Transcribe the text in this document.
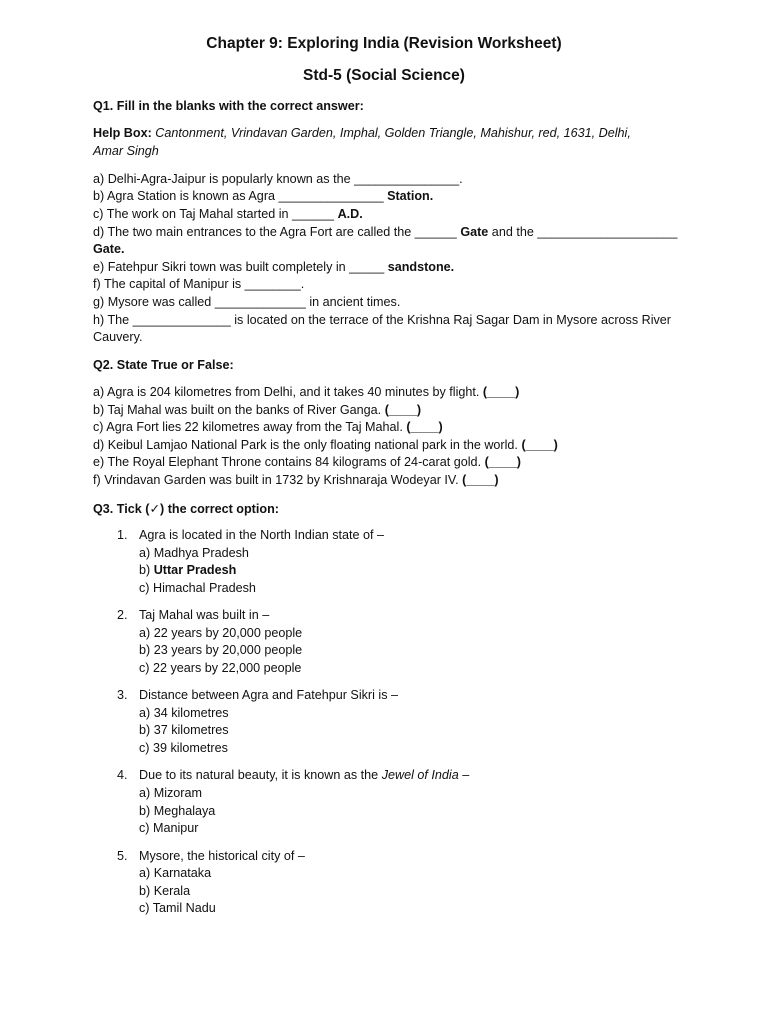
Chapter 9: Exploring India (Revision Worksheet)
Std-5 (Social Science)
Q1. Fill in the blanks with the correct answer:
Help Box: Cantonment, Vrindavan Garden, Imphal, Golden Triangle, Mahishur, red, 1631, Delhi,
Amar Singh
a) Delhi-Agra-Jaipur is popularly known as the _______________.
b) Agra Station is known as Agra _______________ Station.
c) The work on Taj Mahal started in ______ A.D.
d) The two main entrances to the Agra Fort are called the ______ Gate and the ____________________
Gate.
e) Fatehpur Sikri town was built completely in _____ sandstone.
f) The capital of Manipur is ________.
g) Mysore was called _____________ in ancient times.
h) The ______________ is located on the terrace of the Krishna Raj Sagar Dam in Mysore across River
Cauvery.
Q2. State True or False:
a) Agra is 204 kilometres from Delhi, and it takes 40 minutes by flight. (____)
b) Taj Mahal was built on the banks of River Ganga. (____)
c) Agra Fort lies 22 kilometres away from the Taj Mahal. (____)
d) Keibul Lamjao National Park is the only floating national park in the world. (____)
e) The Royal Elephant Throne contains 84 kilograms of 24-carat gold. (____)
f) Vrindavan Garden was built in 1732 by Krishnaraja Wodeyar IV. (____)
Q3. Tick (✓) the correct option:
1. Agra is located in the North Indian state of –
a) Madhya Pradesh
b) Uttar Pradesh
c) Himachal Pradesh
2. Taj Mahal was built in –
a) 22 years by 20,000 people
b) 23 years by 20,000 people
c) 22 years by 22,000 people
3. Distance between Agra and Fatehpur Sikri is –
a) 34 kilometres
b) 37 kilometres
c) 39 kilometres
4. Due to its natural beauty, it is known as the Jewel of India –
a) Mizoram
b) Meghalaya
c) Manipur
5. Mysore, the historical city of –
a) Karnataka
b) Kerala
c) Tamil Nadu
